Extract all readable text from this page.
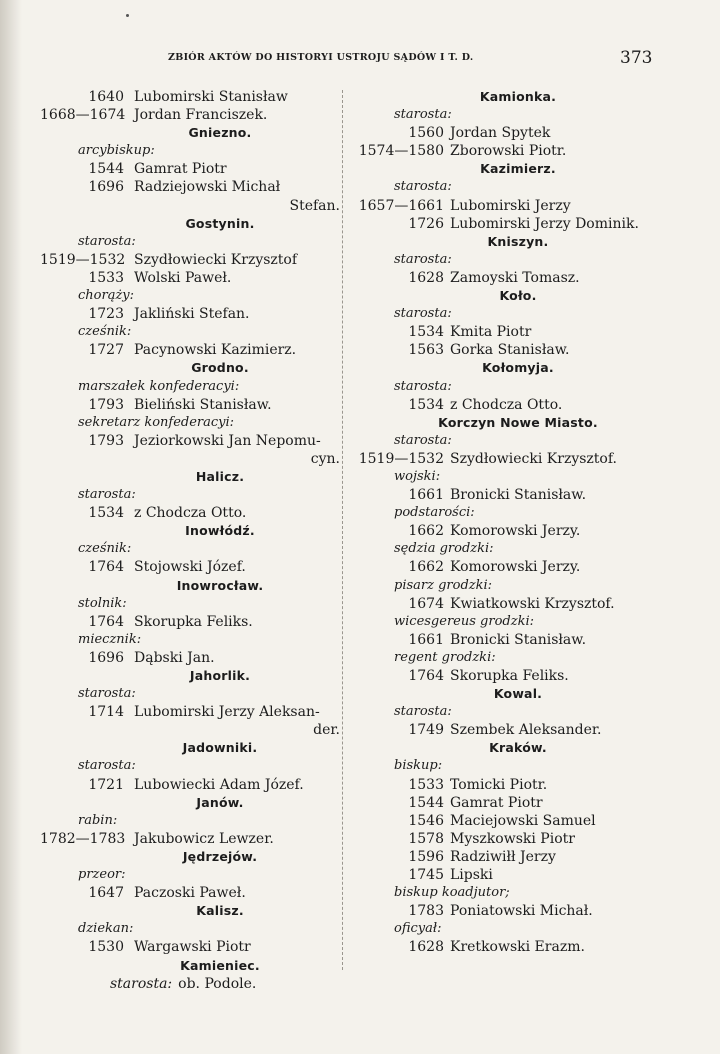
ZBIÓR AKTÓW DO HISTORYI USTROJU SĄDÓW I T. D.	373
1640 Lubomirski Stanisław
1668—1674 Jordan Franciszek.
Gniezno.
arcybiskup:
1544 Gamrat Piotr
1696 Radziejowski Michał
Stefan.
Gostynin.
starosta:
1519—1532 Szydłowiecki Krzysztof
1533 Wolski Paweł.
chorąży:
1723 Jakliński Stefan.
cześnik:
1727 Pacynowski Kazimierz.
Grodno.
marszałek konfederacyi:
1793 Bieliński Stanisław.
sekretarz konfederacyi:
1793 Jeziorkowski Jan Nepomu-
cyn.
Halicz.
starosta:
1534 z Chodcza Otto.
Inowłódź.
cześnik:
1764 Stojowski Józef.
Inowrocław.
stolnik:
1764 Skorupka Feliks.
miecznik:
1696 Dąbski Jan.
Jahorlik.
starosta:
1714 Lubomirski Jerzy Aleksan-
der.
Jadowniki.
starosta:
1721 Lubowiecki Adam Józef.
Janów.
rabin:
1782—1783 Jakubowicz Lewzer.
Jędrzejów.
przeor:
1647 Paczoski Paweł.
Kalisz.
dziekan:
1530 Wargawski Piotr
Kamieniec.
starosta: ob. Podole.
Kamionka.
starosta:
1560 Jordan Spytek
1574—1580 Zborowski Piotr.
Kazimierz.
starosta:
1657—1661 Lubomirski Jerzy
1726 Lubomirski Jerzy Dominik.
Kniszyn.
starosta:
1628 Zamoyski Tomasz.
Koło.
starosta:
1534 Kmita Piotr
1563 Gorka Stanisław.
Kołomyja.
starosta:
1534 z Chodcza Otto.
Korczyn Nowe Miasto.
starosta:
1519—1532 Szydłowiecki Krzysztof.
wojski:
1661 Bronicki Stanisław.
podstarości:
1662 Komorowski Jerzy.
sędzia grodzki:
1662 Komorowski Jerzy.
pisarz grodzki:
1674 Kwiatkowski Krzysztof.
wicesgereus grodzki:
1661 Bronicki Stanisław.
regent grodzki:
1764 Skorupka Feliks.
Kowal.
starosta:
1749 Szembek Aleksander.
Kraków.
biskup:
1533 Tomicki Piotr.
1544 Gamrat Piotr
1546 Maciejowski Samuel
1578 Myszkowski Piotr
1596 Radziwiłł Jerzy
1745 Lipski
biskup koadjutor;
1783 Poniatowski Michał.
oficyał:
1628 Kretkowski Erazm.
